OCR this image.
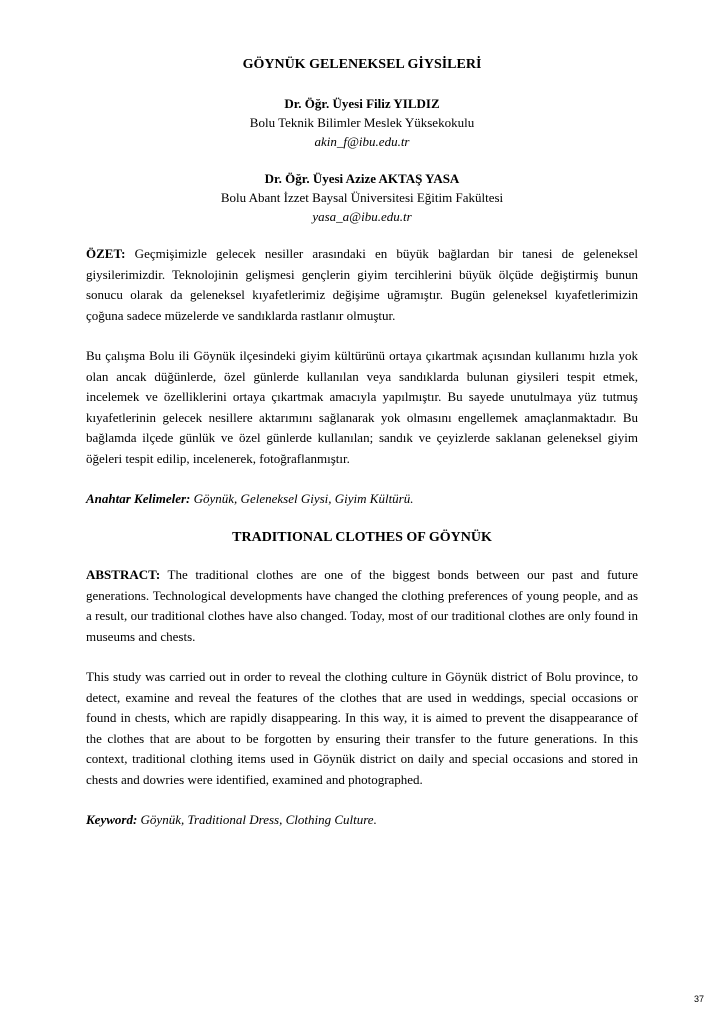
GÖYNÜK GELENEKSEL GİYSİLERİ
Dr. Öğr. Üyesi Filiz YILDIZ
Bolu Teknik Bilimler Meslek Yüksekokulu
akin_f@ibu.edu.tr
Dr. Öğr. Üyesi Azize AKTAŞ YASA
Bolu Abant İzzet Baysal Üniversitesi Eğitim Fakültesi
yasa_a@ibu.edu.tr

ÖZET: Geçmişimizle gelecek nesiller arasındaki en büyük bağlardan bir tanesi de geleneksel giysilerimizdir. Teknolojinin gelişmesi gençlerin giyim tercihlerini büyük ölçüde değiştirmiş bunun sonucu olarak da geleneksel kıyafetlerimiz değişime uğramıştır. Bugün geleneksel kıyafetlerimizin çoğuna sadece müzelerde ve sandıklarda rastlanır olmuştur.

Bu çalışma Bolu ili Göynük ilçesindeki giyim kültürünü ortaya çıkartmak açısından kullanımı hızla yok olan ancak düğünlerde, özel günlerde kullanılan veya sandıklarda bulunan giysileri tespit etmek, incelemek ve özelliklerini ortaya çıkartmak amacıyla yapılmıştır. Bu sayede unutulmaya yüz tutmuş kıyafetlerinin gelecek nesillere aktarımını sağlanarak yok olmasını engellemek amaçlanmaktadır. Bu bağlamda ilçede günlük ve özel günlerde kullanılan; sandık ve çeyizlerde saklanan geleneksel giyim öğeleri tespit edilip, incelenerek, fotoğraflanmıştır.

Anahtar Kelimeler: Göynük, Geleneksel Giysi, Giyim Kültürü.

TRADITIONAL CLOTHES OF GÖYNÜK

ABSTRACT: The traditional clothes are one of the biggest bonds between our past and future generations. Technological developments have changed the clothing preferences of young people, and as a result, our traditional clothes have also changed. Today, most of our traditional clothes are only found in museums and chests.

This study was carried out in order to reveal the clothing culture in Göynük district of Bolu province, to detect, examine and reveal the features of the clothes that are used in weddings, special occasions or found in chests, which are rapidly disappearing. In this way, it is aimed to prevent the disappearance of the clothes that are about to be forgotten by ensuring their transfer to the future generations. In this context, traditional clothing items used in Göynük district on daily and special occasions and stored in chests and dowries were identified, examined and photographed.

Keyword: Göynük, Traditional Dress, Clothing Culture.

37
